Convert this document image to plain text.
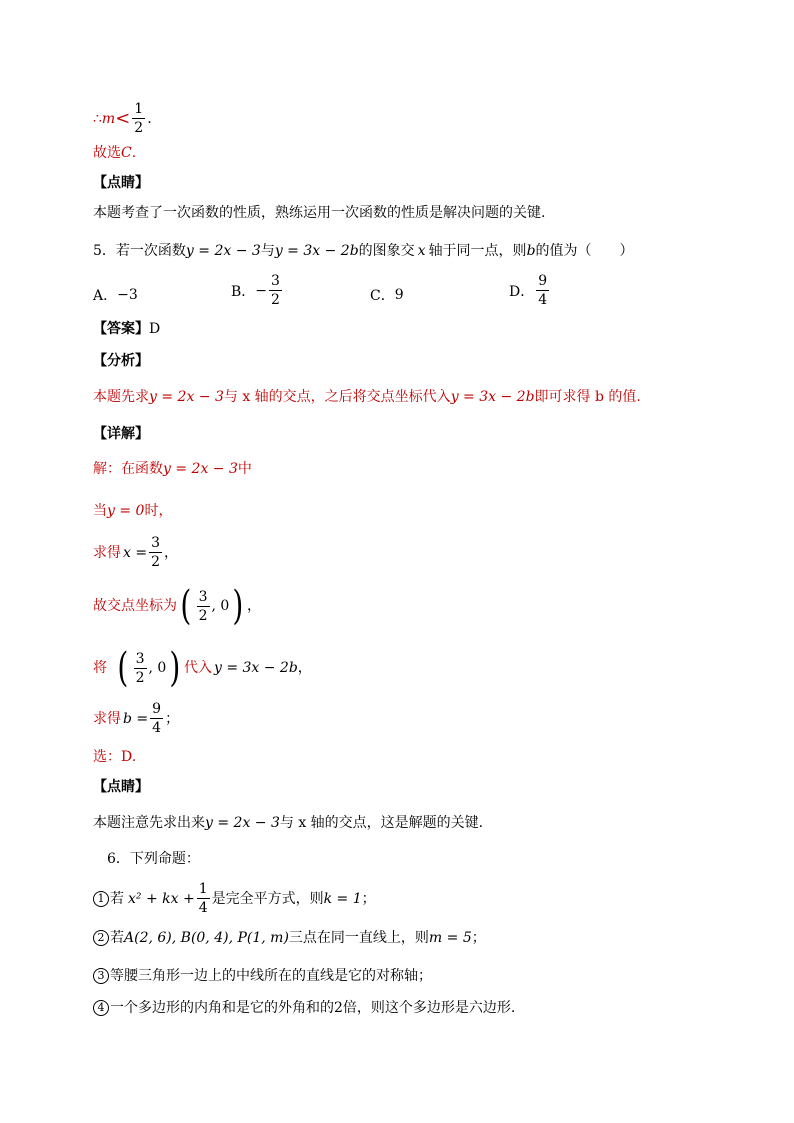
∴ $m < \frac{1}{2}$ .
故选 C .
【点睛】
本题考查了一次函数的性质，熟练运用一次函数的性质是解决问题的关键.
5．若一次函数 y = 2x − 3 与 y = 3x − 2b 的图象交 x 轴于同一点，则 b 的值为（　　）
A． −3	B． − $\frac{3}{2}$	C． 9	D． $\frac{9}{4}$
【答案】 D
【分析】
本题先求 y = 2x − 3 与 x 轴的交点，之后将交点坐标代入 y = 3x − 2b 即可求得 b 的值.
【详解】
解：在函数 y = 2x − 3 中
当 y = 0 时，
求得 $x = \frac{3}{2}$ ，
故交点坐标为 ( $\frac{3}{2}$ , 0 ) ，
将 ( $\frac{3}{2}$ , 0 ) 代入 y = 3x − 2b ，
求得 $b = \frac{9}{4}$ ；
选：D.
【点睛】
本题注意先求出来 y = 2x − 3 与 x 轴的交点，这是解题的关键.
6．下列命题：
1 若 x² + kx + $\frac{1}{4}$ 是完全平方式，则 k = 1 ；
2 若 A(2, 6), B(0, 4), P(1, m) 三点在同一直线上，则 m = 5 ；
3 等腰三角形一边上的中线所在的直线是它的对称轴；
4 一个多边形的内角和是它的外角和的 2 倍，则这个多边形是六边形.
